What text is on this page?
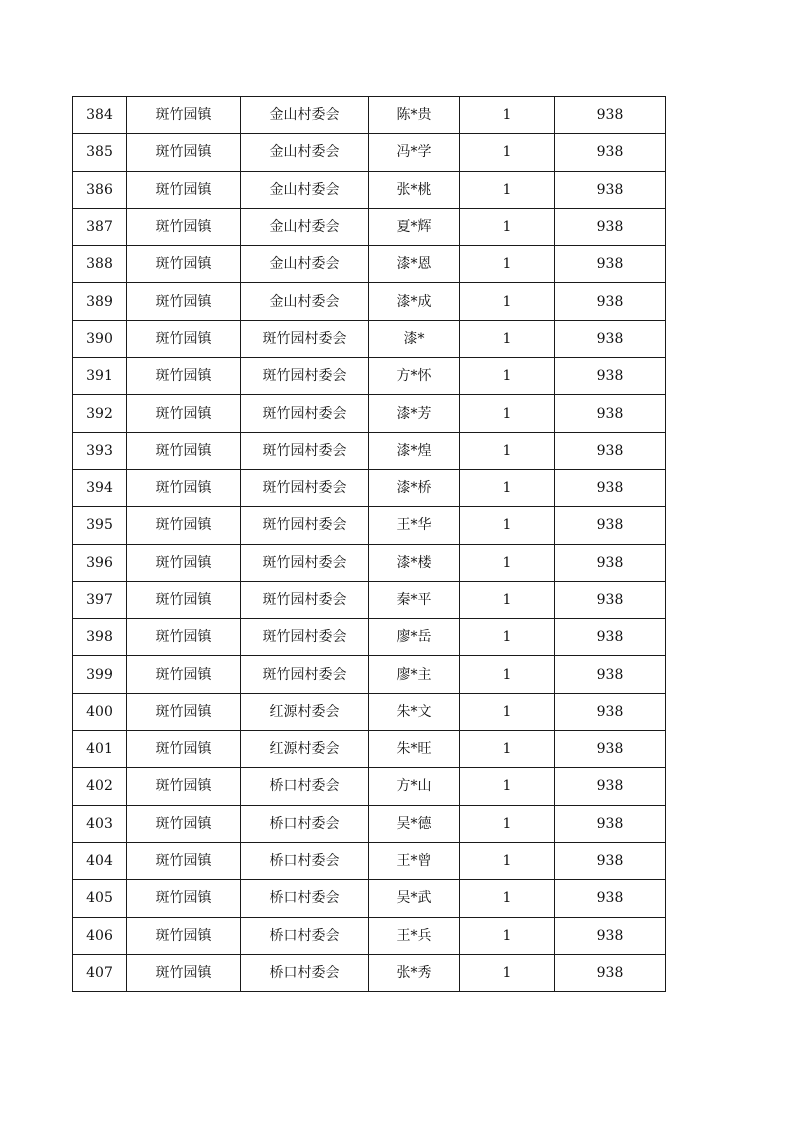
384	斑竹园镇	金山村委会	陈*贵	1	938
385	斑竹园镇	金山村委会	冯*学	1	938
386	斑竹园镇	金山村委会	张*桃	1	938
387	斑竹园镇	金山村委会	夏*辉	1	938
388	斑竹园镇	金山村委会	漆*恩	1	938
389	斑竹园镇	金山村委会	漆*成	1	938
390	斑竹园镇	斑竹园村委会	漆*	1	938
391	斑竹园镇	斑竹园村委会	方*怀	1	938
392	斑竹园镇	斑竹园村委会	漆*芳	1	938
393	斑竹园镇	斑竹园村委会	漆*煌	1	938
394	斑竹园镇	斑竹园村委会	漆*桥	1	938
395	斑竹园镇	斑竹园村委会	王*华	1	938
396	斑竹园镇	斑竹园村委会	漆*楼	1	938
397	斑竹园镇	斑竹园村委会	秦*平	1	938
398	斑竹园镇	斑竹园村委会	廖*岳	1	938
399	斑竹园镇	斑竹园村委会	廖*主	1	938
400	斑竹园镇	红源村委会	朱*文	1	938
401	斑竹园镇	红源村委会	朱*旺	1	938
402	斑竹园镇	桥口村委会	方*山	1	938
403	斑竹园镇	桥口村委会	吴*德	1	938
404	斑竹园镇	桥口村委会	王*曾	1	938
405	斑竹园镇	桥口村委会	吴*武	1	938
406	斑竹园镇	桥口村委会	王*兵	1	938
407	斑竹园镇	桥口村委会	张*秀	1	938
